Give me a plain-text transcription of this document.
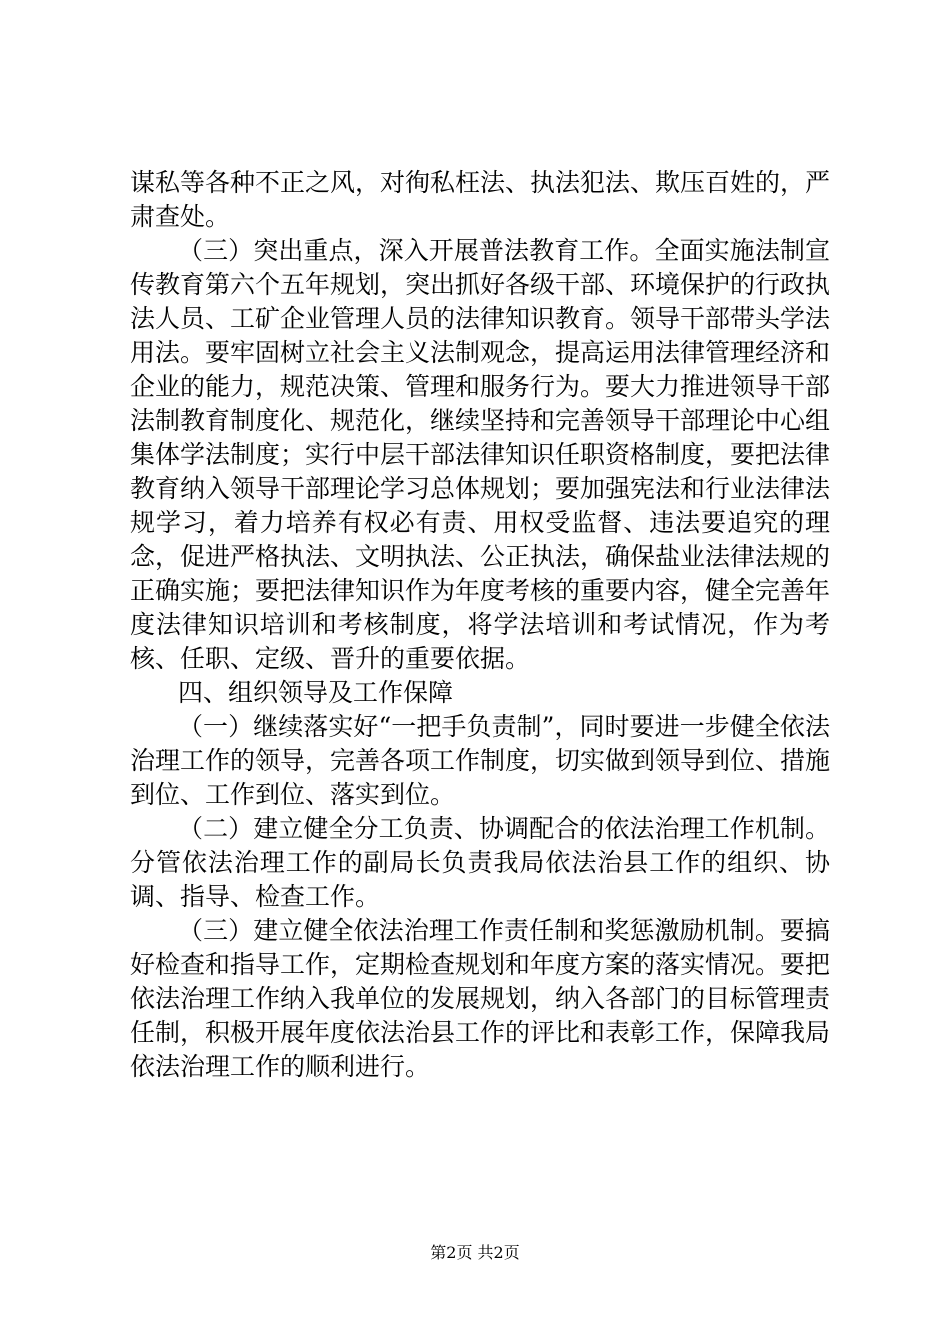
谋私等各种不正之风，对徇私枉法、执法犯法、欺压百姓的，严肃查处。

（三）突出重点，深入开展普法教育工作。全面实施法制宣传教育第六个五年规划，突出抓好各级干部、环境保护的行政执法人员、工矿企业管理人员的法律知识教育。领导干部带头学法用法。要牢固树立社会主义法制观念，提高运用法律管理经济和企业的能力，规范决策、管理和服务行为。要大力推进领导干部法制教育制度化、规范化，继续坚持和完善领导干部理论中心组集体学法制度；实行中层干部法律知识任职资格制度，要把法律教育纳入领导干部理论学习总体规划；要加强宪法和行业法律法规学习，着力培养有权必有责、用权受监督、违法要追究的理念，促进严格执法、文明执法、公正执法，确保盐业法律法规的正确实施；要把法律知识作为年度考核的重要内容，健全完善年度法律知识培训和考核制度，将学法培训和考试情况，作为考核、任职、定级、晋升的重要依据。

四、组织领导及工作保障

（一）继续落实好“一把手负责制”，同时要进一步健全依法治理工作的领导，完善各项工作制度，切实做到领导到位、措施到位、工作到位、落实到位。

（二）建立健全分工负责、协调配合的依法治理工作机制。分管依法治理工作的副局长负责我局依法治县工作的组织、协调、指导、检查工作。

（三）建立健全依法治理工作责任制和奖惩激励机制。要搞好检查和指导工作，定期检查规划和年度方案的落实情况。要把依法治理工作纳入我单位的发展规划，纳入各部门的目标管理责任制，积极开展年度依法治县工作的评比和表彰工作，保障我局依法治理工作的顺利进行。

第2页 共2页
